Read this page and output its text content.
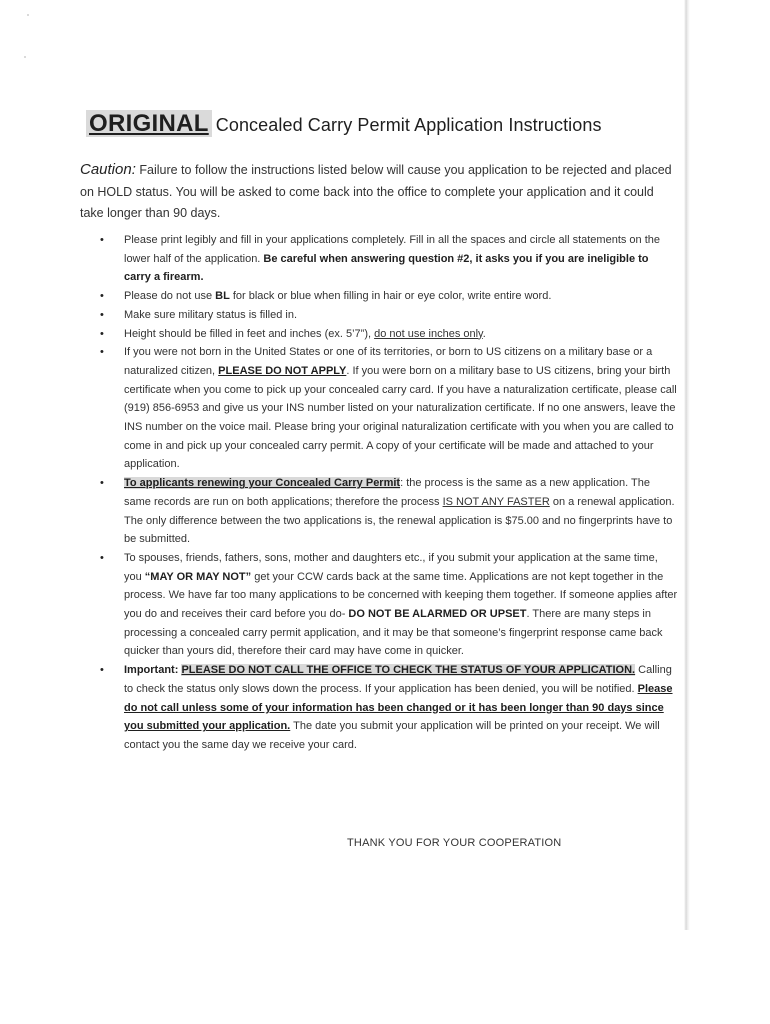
ORIGINAL Concealed Carry Permit Application Instructions
Caution: Failure to follow the instructions listed below will cause you application to be rejected and placed on HOLD status. You will be asked to come back into the office to complete your application and it could take longer than 90 days.
• Please print legibly and fill in your applications completely. Fill in all the spaces and circle all statements on the lower half of the application. Be careful when answering question #2, it asks you if you are ineligible to carry a firearm.
• Please do not use BL for black or blue when filling in hair or eye color, write entire word.
• Make sure military status is filled in.
• Height should be filled in feet and inches (ex. 5’7”), do not use inches only.
• If you were not born in the United States or one of its territories, or born to US citizens on a military base or a naturalized citizen, PLEASE DO NOT APPLY. If you were born on a military base to US citizens, bring your birth certificate when you come to pick up your concealed carry card. If you have a naturalization certificate, please call (919) 856-6953 and give us your INS number listed on your naturalization certificate. If no one answers, leave the INS number on the voice mail. Please bring your original naturalization certificate with you when you are called to come in and pick up your concealed carry permit. A copy of your certificate will be made and attached to your application.
• To applicants renewing your Concealed Carry Permit: the process is the same as a new application. The same records are run on both applications; therefore the process IS NOT ANY FASTER on a renewal application. The only difference between the two applications is, the renewal application is $75.00 and no fingerprints have to be submitted.
• To spouses, friends, fathers, sons, mother and daughters etc., if you submit your application at the same time, you “MAY OR MAY NOT” get your CCW cards back at the same time. Applications are not kept together in the process. We have far too many applications to be concerned with keeping them together. If someone applies after you do and receives their card before you do- DO NOT BE ALARMED OR UPSET. There are many steps in processing a concealed carry permit application, and it may be that someone’s fingerprint response came back quicker than yours did, therefore their card may have come in quicker.
• Important: PLEASE DO NOT CALL THE OFFICE TO CHECK THE STATUS OF YOUR APPLICATION. Calling to check the status only slows down the process. If your application has been denied, you will be notified. Please do not call unless some of your information has been changed or it has been longer than 90 days since you submitted your application. The date you submit your application will be printed on your receipt. We will contact you the same day we receive your card.
THANK YOU FOR YOUR COOPERATION
